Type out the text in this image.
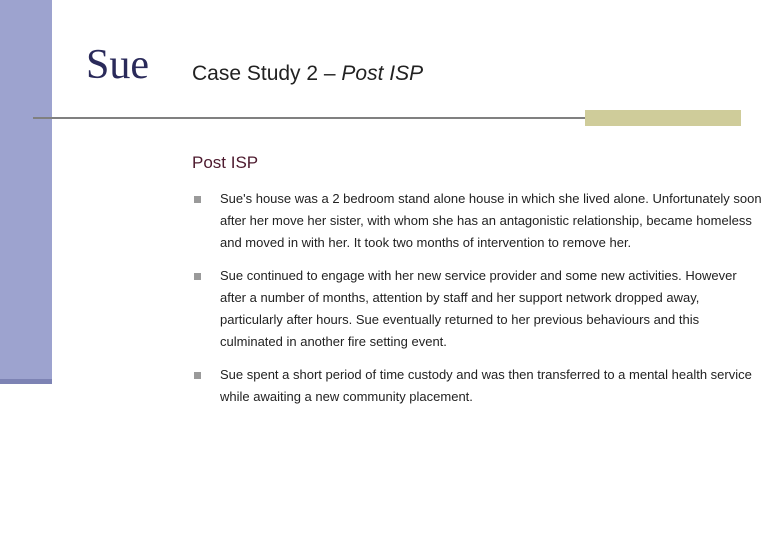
Sue Case Study 2 – Post ISP
Post ISP
Sue's house was a 2 bedroom stand alone house in which she lived alone. Unfortunately soon after her move her sister, with whom she has an antagonistic relationship, became homeless and moved in with her. It took two months of intervention to remove her.
Sue continued to engage with her new service provider and some new activities. However after a number of months, attention by staff and her support network dropped away, particularly after hours. Sue eventually returned to her previous behaviours and this culminated in another fire setting event.
Sue spent a short period of time custody and was then transferred to a mental health service while awaiting a new community placement.
